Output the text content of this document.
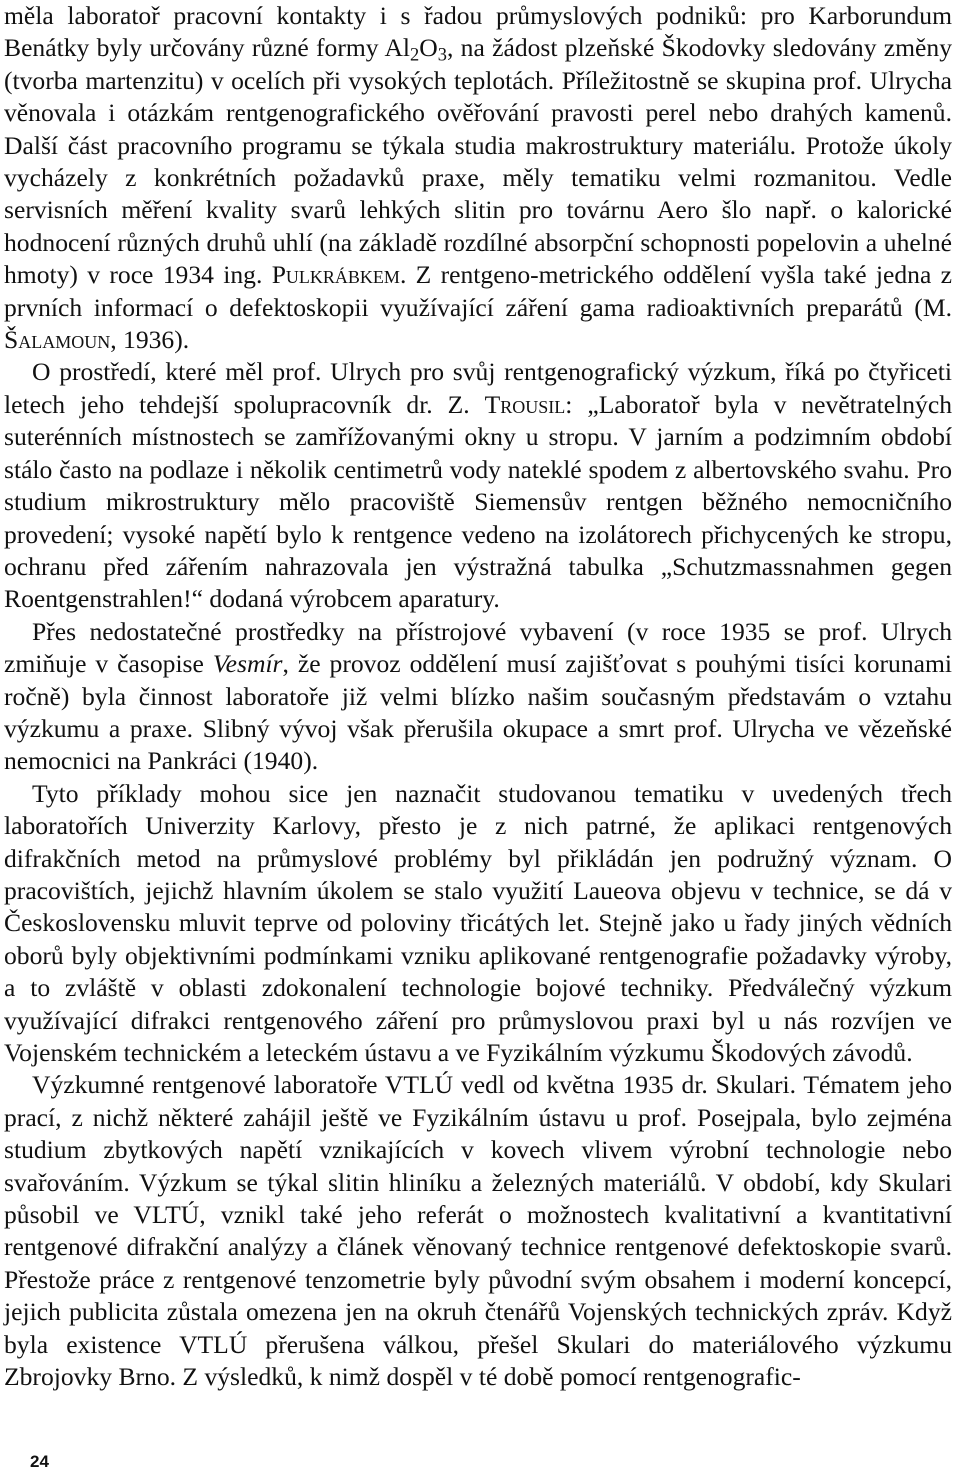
měla laboratoř pracovní kontakty i s řadou průmyslových podniků: pro Karborundum Benátky byly určovány různé formy $Al_2O_3$, na žádost plzeňské Škodovky sledovány změny (tvorba martenzitu) v ocelích při vysokých teplotách. Příležitostně se skupina prof. Ulrycha věnovala i otázkám rentgenografického ověřování pravosti perel nebo drahých kamenů. Další část pracovního programu se týkala studia makrostruktury materiálu. Protože úkoly vycházely z konkrétních požadavků praxe, měly tematiku velmi rozmanitou. Vedle servisních měření kvality svarů lehkých slitin pro továrnu Aero šlo např. o kalorické hodnocení různých druhů uhlí (na základě rozdílné absorpční schopnosti popelovin a uhelné hmoty) v roce 1934 ing. Pulkrábkem. Z rentgeno-metrického oddělení vyšla také jedna z prvních informací o defektoskopii využívající záření gama radioaktivních preparátů (M. Šalamoun, 1936).

O prostředí, které měl prof. Ulrych pro svůj rentgenografický výzkum, říká po čtyřiceti letech jeho tehdejší spolupracovník dr. Z. Trousil: „Laboratoř byla v nevětratelných suterénních místnostech se zamřížovanými okny u stropu. V jarním a podzimním období stálo často na podlaze i několik centimetrů vody nateklé spodem z albertovského svahu. Pro studium mikrostruktury mělo pracoviště Siemensův rentgen běžného nemocničního provedení; vysoké napětí bylo k rentgence vedeno na izolátorech přichycených ke stropu, ochranu před zářením nahrazovala jen výstražná tabulka „Schutzmassnahmen gegen Roentgenstrahlen!“ dodaná výrobcem aparatury.

Přes nedostatečné prostředky na přístrojové vybavení (v roce 1935 se prof. Ulrych zmiňuje v časopise Vesmír, že provoz oddělení musí zajišťovat s pouhými tisíci korunami ročně) byla činnost laboratoře již velmi blízko našim současným představám o vztahu výzkumu a praxe. Slibný vývoj však přerušila okupace a smrt prof. Ulrycha ve vězeňské nemocnici na Pankráci (1940).

Tyto příklady mohou sice jen naznačit studovanou tematiku v uvedených třech laboratořích Univerzity Karlovy, přesto je z nich patrné, že aplikaci rentgenových difrakčních metod na průmyslové problémy byl přikládán jen podružný význam. O pracovištích, jejichž hlavním úkolem se stalo využití Laueova objevu v technice, se dá v Československu mluvit teprve od poloviny třicátých let. Stejně jako u řady jiných vědních oborů byly objektivními podmínkami vzniku aplikované rentgenografie požadavky výroby, a to zvláště v oblasti zdokonalení technologie bojové techniky. Předválečný výzkum využívající difrakci rentgenového záření pro průmyslovou praxi byl u nás rozvíjen ve Vojenském technickém a leteckém ústavu a ve Fyzikálním výzkumu Škodových závodů.

Výzkumné rentgenové laboratoře VTLÚ vedl od května 1935 dr. Skulari. Tématem jeho prací, z nichž některé zahájil ještě ve Fyzikálním ústavu u prof. Posejpala, bylo zejména studium zbytkových napětí vznikajících v kovech vlivem výrobní technologie nebo svařováním. Výzkum se týkal slitin hliníku a železných materiálů. V období, kdy Skulari působil ve VLTÚ, vznikl také jeho referát o možnostech kvalitativní a kvantitativní rentgenové difrakční analýzy a článek věnovaný technice rentgenové defektoskopie svarů. Přestože práce z rentgenové tenzometrie byly původní svým obsahem i moderní koncepcí, jejich publicita zůstala omezena jen na okruh čtenářů Vojenských technických zpráv. Když byla existence VTLÚ přerušena válkou, přešel Skulari do materiálového výzkumu Zbrojovky Brno. Z výsledků, k nimž dospěl v té době pomocí rentgenografic-

24
